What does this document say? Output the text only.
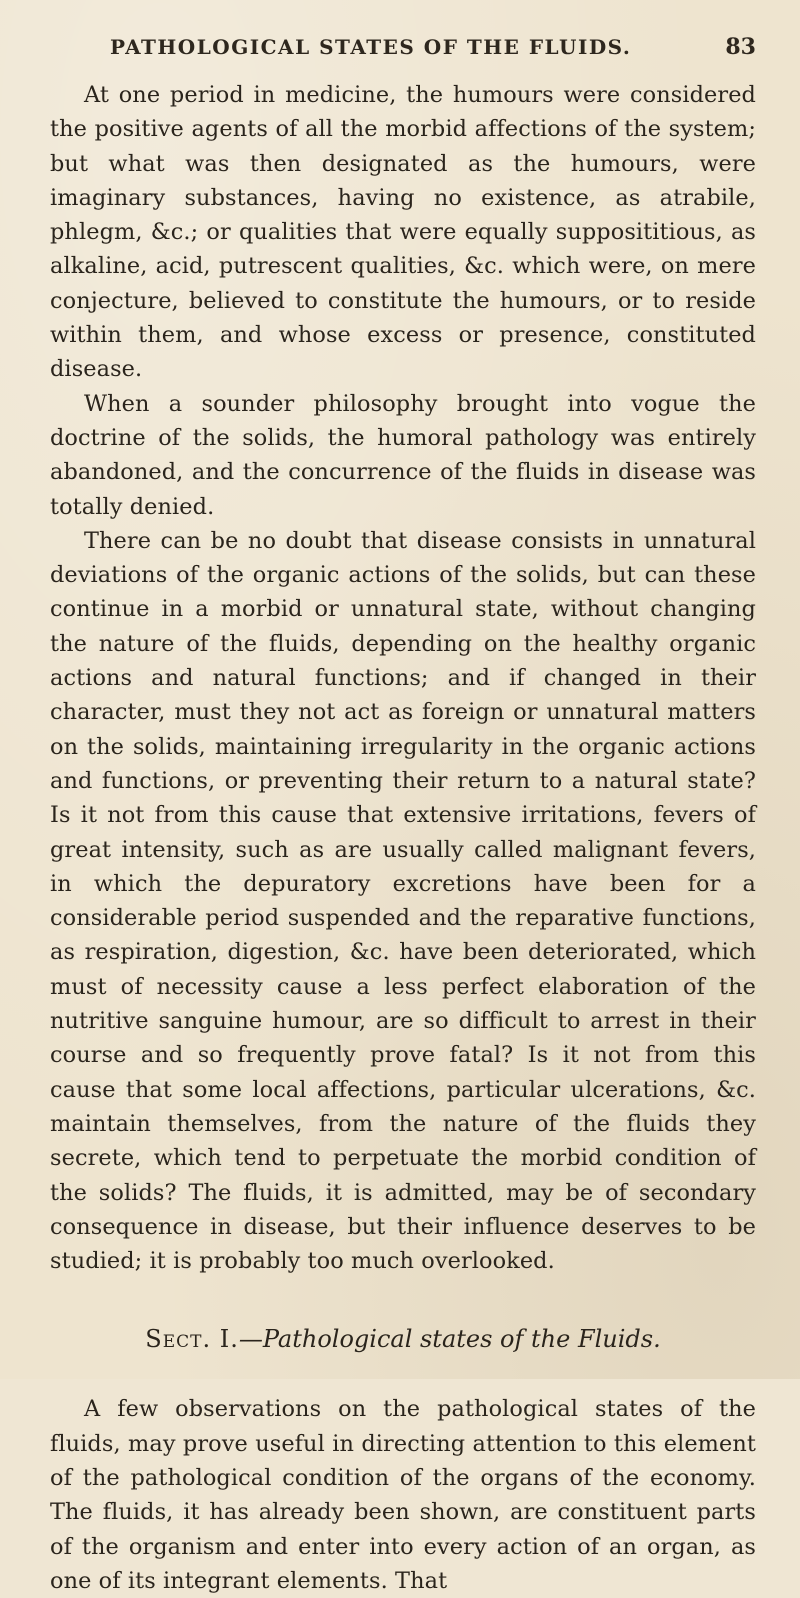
PATHOLOGICAL STATES OF THE FLUIDS.	83

At one period in medicine, the humours were considered the positive agents of all the morbid affections of the system; but what was then designated as the humours, were imaginary substances, having no existence, as atrabile, phlegm, &c.; or qualities that were equally supposititious, as alkaline, acid, putrescent qualities, &c. which were, on mere conjecture, believed to constitute the humours, or to reside within them, and whose excess or presence, constituted disease.

When a sounder philosophy brought into vogue the doctrine of the solids, the humoral pathology was entirely abandoned, and the concurrence of the fluids in disease was totally denied.

There can be no doubt that disease consists in unnatural deviations of the organic actions of the solids, but can these continue in a morbid or unnatural state, without changing the nature of the fluids, depending on the healthy organic actions and natural functions; and if changed in their character, must they not act as foreign or unnatural matters on the solids, maintaining irregularity in the organic actions and functions, or preventing their return to a natural state? Is it not from this cause that extensive irritations, fevers of great intensity, such as are usually called malignant fevers, in which the depuratory excretions have been for a considerable period suspended and the reparative functions, as respiration, digestion, &c. have been deteriorated, which must of necessity cause a less perfect elaboration of the nutritive sanguine humour, are so difficult to arrest in their course and so frequently prove fatal? Is it not from this cause that some local affections, particular ulcerations, &c. maintain themselves, from the nature of the fluids they secrete, which tend to perpetuate the morbid condition of the solids? The fluids, it is admitted, may be of secondary consequence in disease, but their influence deserves to be studied; it is probably too much overlooked.

Sect. I.—Pathological states of the Fluids.

A few observations on the pathological states of the fluids, may prove useful in directing attention to this element of the pathological condition of the organs of the economy. The fluids, it has already been shown, are constituent parts of the organism and enter into every action of an organ, as one of its integrant elements. That
